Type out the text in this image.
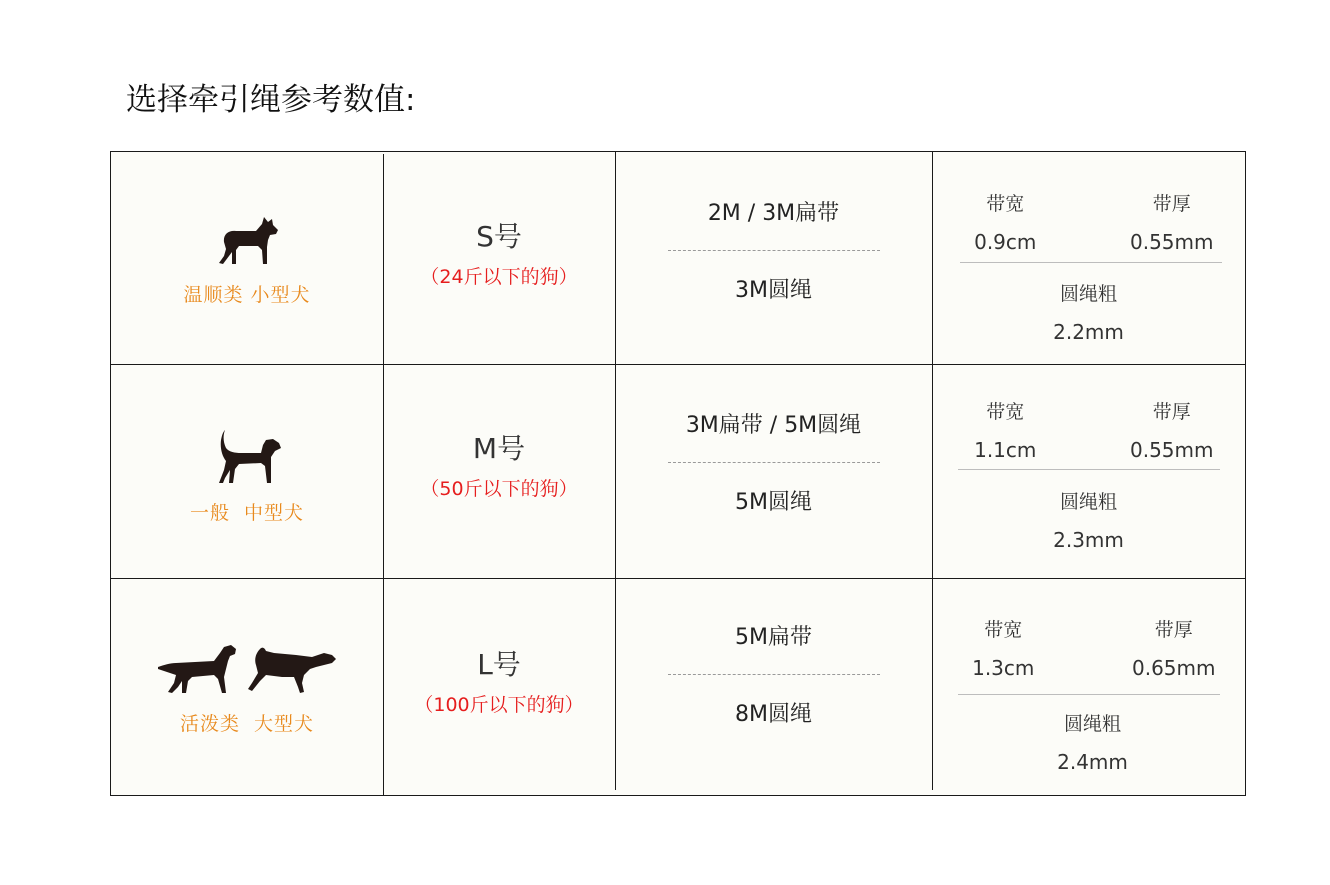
选择牵引绳参考数值:
温顺类 小型犬
S号
（24斤以下的狗）
2M / 3M扁带
3M圆绳
带宽
0.9cm
带厚
0.55mm
圆绳粗
2.2mm
一般  中型犬
M号
（50斤以下的狗）
3M扁带 / 5M圆绳
5M圆绳
带宽
1.1cm
带厚
0.55mm
圆绳粗
2.3mm
活泼类  大型犬
L号
（100斤以下的狗）
5M扁带
8M圆绳
带宽
1.3cm
带厚
0.65mm
圆绳粗
2.4mm
